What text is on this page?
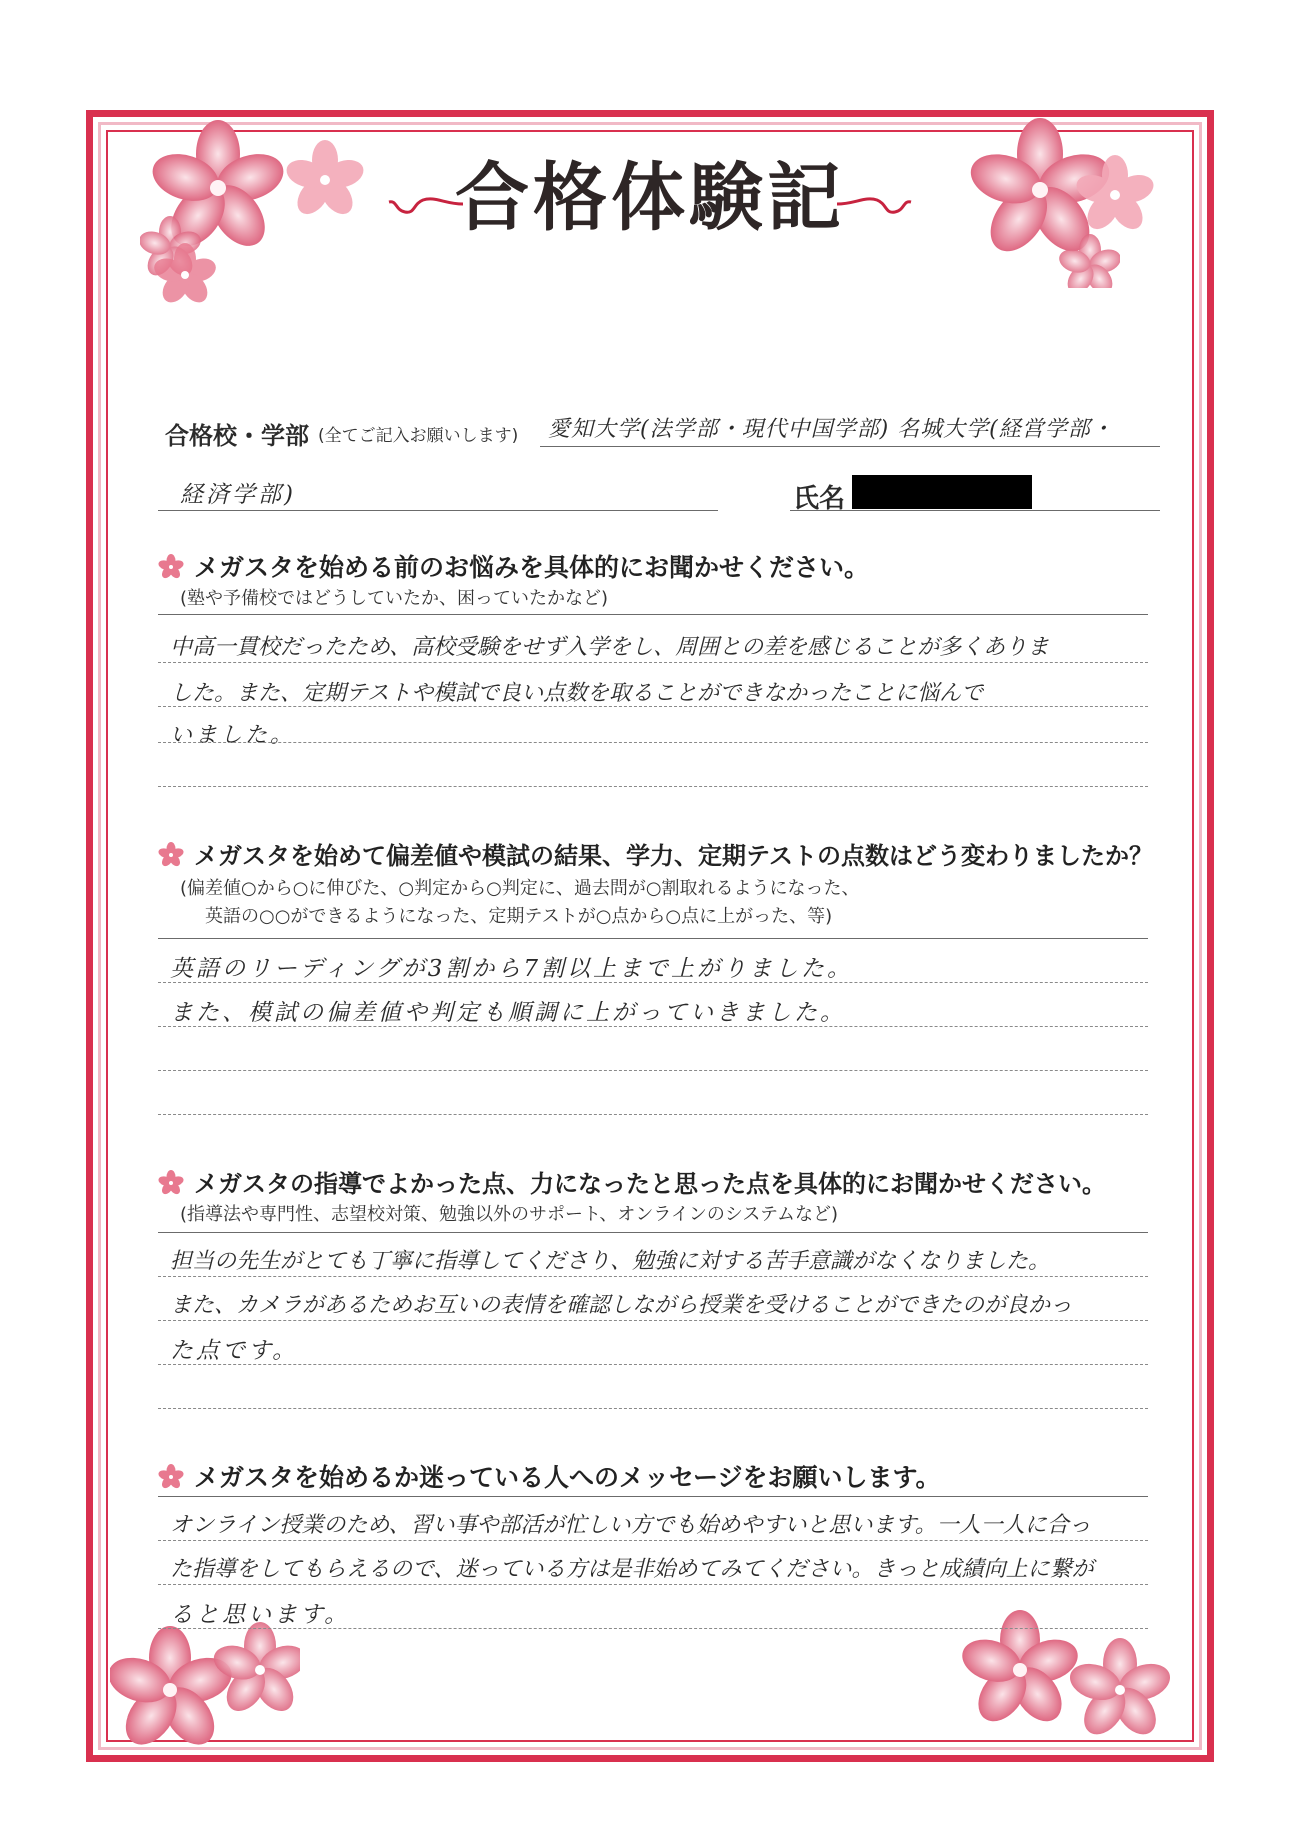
合格体験記
合格校・学部 (全てご記入お願いします) 愛知大学(法学部・現代中国学部) 名城大学(経営学部・
経済学部)	氏名
メガスタを始める前のお悩みを具体的にお聞かせください。
(塾や予備校ではどうしていたか、困っていたかなど)
中高一貫校だったため、高校受験をせず入学をし、周囲との差を感じることが多くありま
した。また、定期テストや模試で良い点数を取ることができなかったことに悩んで
いました。
メガスタを始めて偏差値や模試の結果、学力、定期テストの点数はどう変わりましたか？
(偏差値○から○に伸びた、○判定から○判定に、過去問が○割取れるようになった、
英語の○○ができるようになった、定期テストが○点から○点に上がった、等)
英語のリーディングが3割から7割以上まで上がりました。
また、模試の偏差値や判定も順調に上がっていきました。
メガスタの指導でよかった点、力になったと思った点を具体的にお聞かせください。
(指導法や専門性、志望校対策、勉強以外のサポート、オンラインのシステムなど)
担当の先生がとても丁寧に指導してくださり、勉強に対する苦手意識がなくなりました。
また、カメラがあるためお互いの表情を確認しながら授業を受けることができたのが良かっ
た点です。
メガスタを始めるか迷っている人へのメッセージをお願いします。
オンライン授業のため、習い事や部活が忙しい方でも始めやすいと思います。一人一人に合っ
た指導をしてもらえるので、迷っている方は是非始めてみてください。きっと成績向上に繋が
ると思います。
